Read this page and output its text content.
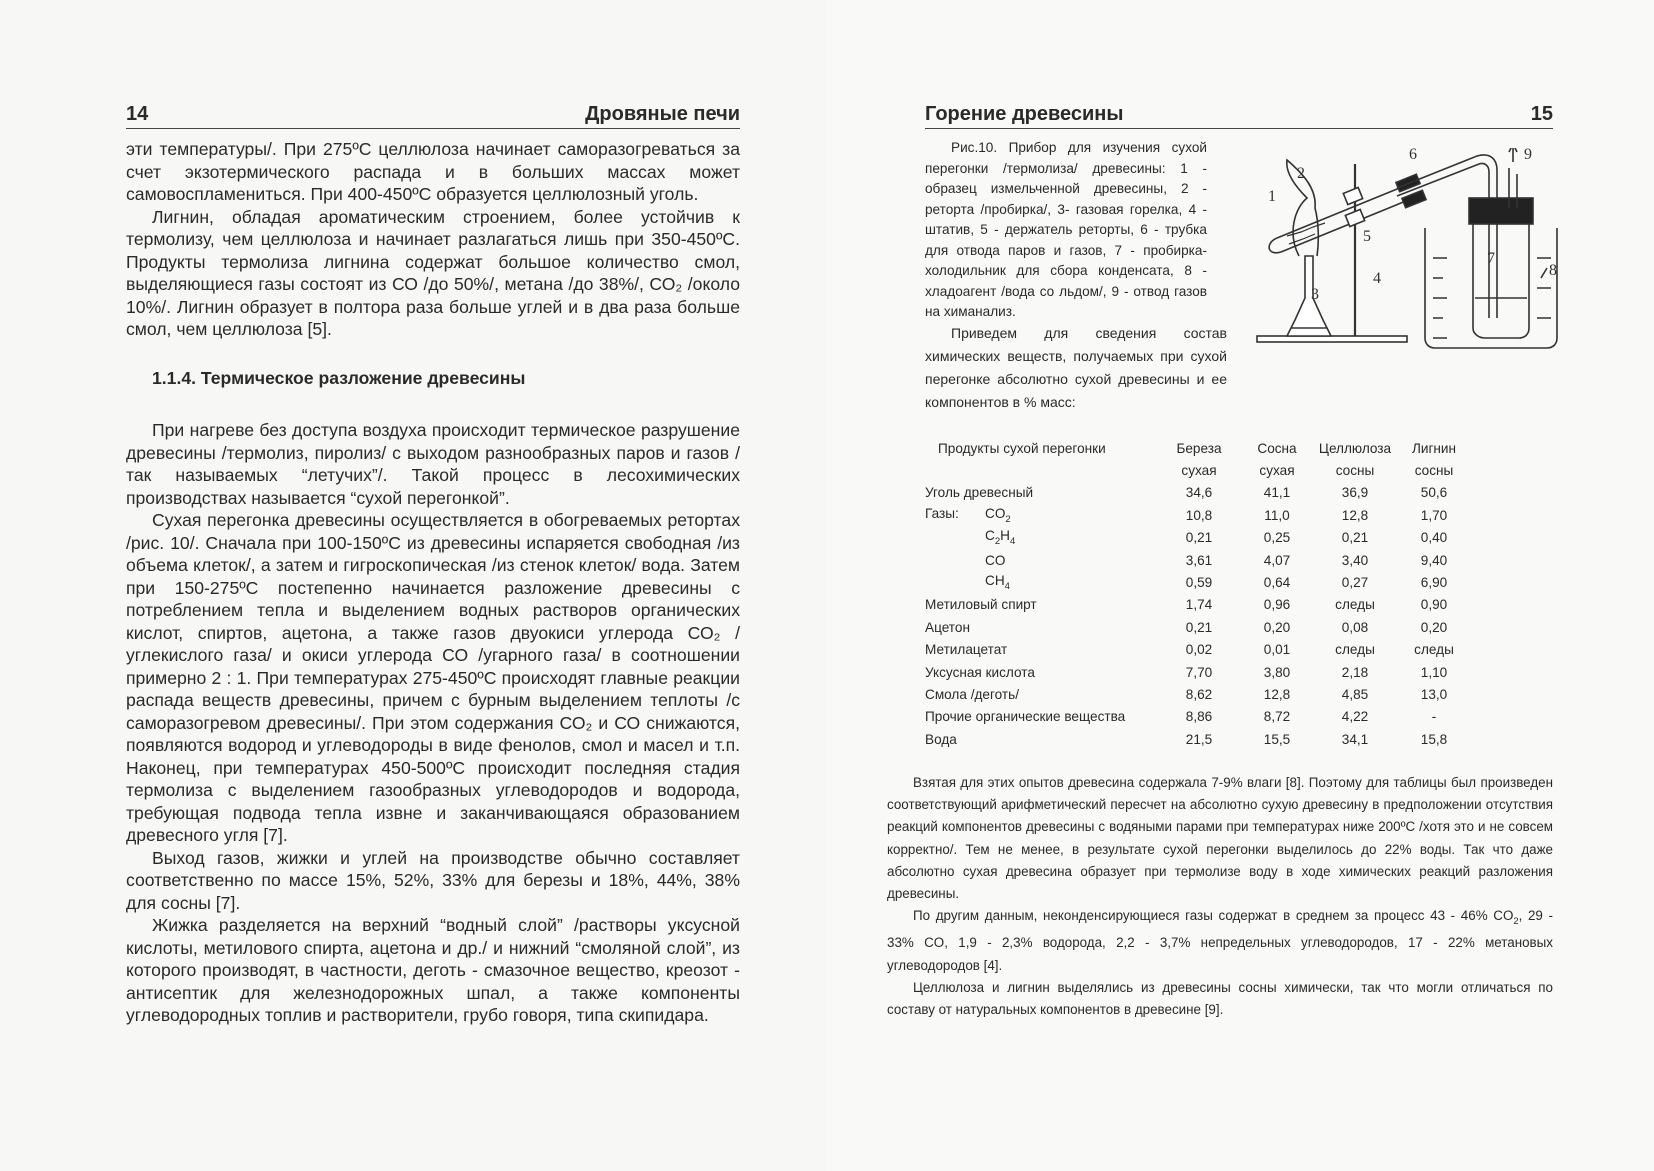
14	Дровяные печи

эти температуры/. При 275ºС целлюлоза начинает саморазогреваться за счет экзотермического распада и в больших массах может самовоспламениться. При 400-450ºС образуется целлюлозный уголь.

Лигнин, обладая ароматическим строением, более устойчив к термолизу, чем целлюлоза и начинает разлагаться лишь при 350-450ºС. Продукты термолиза лигнина содержат большое количество смол, выделяющиеся газы состоят из СО /до 50%/, метана /до 38%/, СО₂ /около 10%/. Лигнин образует в полтора раза больше углей и в два раза больше смол, чем целлюлоза [5].

1.1.4. Термическое разложение древесины

При нагреве без доступа воздуха происходит термическое разрушение древесины /термолиз, пиролиз/ с выходом разнообразных паров и газов /так называемых “летучих”/. Такой процесс в лесохимических производствах называется “сухой перегонкой”.

Сухая перегонка древесины осуществляется в обогреваемых ретортах /рис. 10/. Сначала при 100-150ºС из древесины испаряется свободная /из объема клеток/, а затем и гигроскопическая /из стенок клеток/ вода. Затем при 150-275ºС постепенно начинается разложение древесины с потреблением тепла и выделением водных растворов органических кислот, спиртов, ацетона, а также газов двуокиси углерода СО₂ /углекислого газа/ и окиси углерода СО /угарного газа/ в соотношении примерно 2 : 1. При температурах 275-450ºС происходят главные реакции распада веществ древесины, причем с бурным выделением теплоты /с саморазогревом древесины/. При этом содержания СО₂ и СО снижаются, появляются водород и углеводороды в виде фенолов, смол и масел и т.п. Наконец, при температурах 450-500ºС происходит последняя стадия термолиза с выделением газообразных углеводородов и водорода, требующая подвода тепла извне и заканчивающаяся образованием древесного угля [7].

Выход газов, жижки и углей на производстве обычно составляет соответственно по массе 15%, 52%, 33% для березы и 18%, 44%, 38% для сосны [7].

Жижка разделяется на верхний “водный слой” /растворы уксусной кислоты, метилового спирта, ацетона и др./ и нижний “смоляной слой”, из которого производят, в частности, деготь - смазочное вещество, креозот - антисептик для железнодорожных шпал, а также компоненты углеводородных топлив и растворители, грубо говоря, типа скипидара.

Горение древесины	15

Рис.10. Прибор для изучения сухой перегонки /термолиза/ древесины: 1 - образец измельченной древесины, 2 - реторта /пробирка/, 3- газовая горелка, 4 - штатив, 5 - держатель реторты, 6 - трубка для отвода паров и газов, 7 - пробирка-холодильник для сбора конденсата, 8 - хладоагент /вода со льдом/, 9 - отвод газов на химанализ.

1
2
3
4
5
6
7
8
9

Приведем для сведения состав химических веществ, получаемых при сухой перегонке абсолютно сухой древесины и ее компонентов в % масс:

Продукты сухой перегонки	Береза	Сосна	Целлюлоза	Лигнин
	сухая	сухая	сосны	сосны
Уголь древесный	34,6	41,1	36,9	50,6
Газы: $CO_2$	10,8	11,0	12,8	1,70
$C_2H_4$	0,21	0,25	0,21	0,40
CO	3,61	4,07	3,40	9,40
$CH_4$	0,59	0,64	0,27	6,90
Метиловый спирт	1,74	0,96	следы	0,90
Ацетон	0,21	0,20	0,08	0,20
Метилацетат	0,02	0,01	следы	следы
Уксусная кислота	7,70	3,80	2,18	1,10
Смола /деготь/	8,62	12,8	4,85	13,0
Прочие органические вещества	8,86	8,72	4,22	-
Вода	21,5	15,5	34,1	15,8

Взятая для этих опытов древесина содержала 7-9% влаги [8]. Поэтому для таблицы был произведен соответствующий арифметический пересчет на абсолютно сухую древесину в предположении отсутствия реакций компонентов древесины с водяными парами при температурах ниже 200ºС /хотя это и не совсем корректно/. Тем не менее, в результате сухой перегонки выделилось до 22% воды. Так что даже абсолютно сухая древесина образует при термолизе воду в ходе химических реакций разложения древесины.

По другим данным, неконденсирующиеся газы содержат в среднем за процесс 43 - 46% $CO_2$, 29 - 33% CO, 1,9 - 2,3% водорода, 2,2 - 3,7% непредельных углеводородов, 17 - 22% метановых углеводородов [4].

Целлюлоза и лигнин выделялись из древесины сосны химически, так что могли отличаться по составу от натуральных компонентов в древесине [9].
